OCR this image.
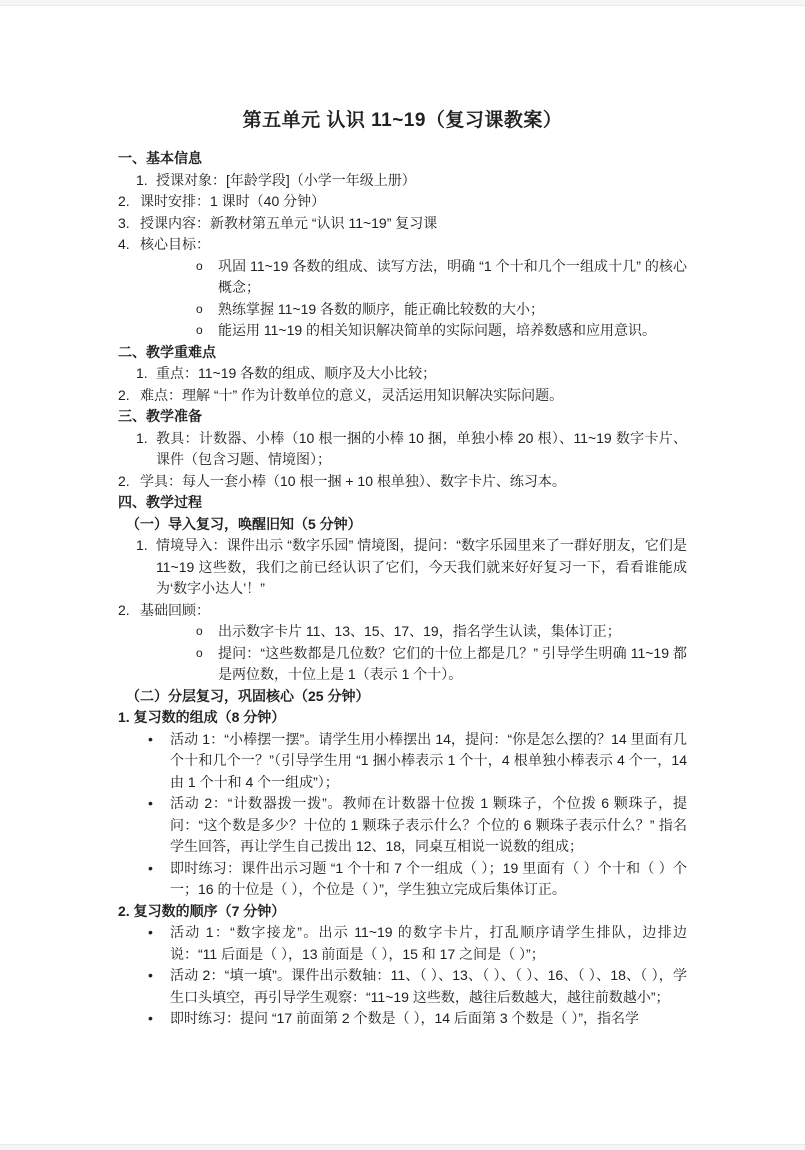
第五单元 认识 11~19（复习课教案）
一、基本信息
1. 授课对象：[年龄学段]（小学一年级上册）
2. 课时安排：1 课时（40 分钟）
3. 授课内容：新教材第五单元 “认识 11~19” 复习课
4. 核心目标：
o 巩固 11~19 各数的组成、读写方法，明确 “1 个十和几个一组成十几” 的核心概念；
o 熟练掌握 11~19 各数的顺序，能正确比较数的大小；
o 能运用 11~19 的相关知识解决简单的实际问题，培养数感和应用意识。
二、教学重难点
1. 重点：11~19 各数的组成、顺序及大小比较；
2. 难点：理解 “十” 作为计数单位的意义，灵活运用知识解决实际问题。
三、教学准备
1. 教具：计数器、小棒（10 根一捆的小棒 10 捆，单独小棒 20 根）、11~19 数字卡片、课件（包含习题、情境图）；
2. 学具：每人一套小棒（10 根一捆 + 10 根单独）、数字卡片、练习本。
四、教学过程
（一）导入复习，唤醒旧知（5 分钟）
1. 情境导入：课件出示 “数字乐园” 情境图，提问：“数字乐园里来了一群好朋友，它们是 11~19 这些数，我们之前已经认识了它们，今天我们就来好好复习一下，看看谁能成为‘数字小达人’！”
2. 基础回顾：
o 出示数字卡片 11、13、15、17、19，指名学生认读，集体订正；
o 提问：“这些数都是几位数？它们的十位上都是几？” 引导学生明确 11~19 都是两位数，十位上是 1（表示 1 个十）。
（二）分层复习，巩固核心（25 分钟）
1. 复习数的组成（8 分钟）
• 活动 1：“小棒摆一摆”。请学生用小棒摆出 14，提问：“你是怎么摆的？14 里面有几个十和几个一？”（引导学生用 “1 捆小棒表示 1 个十，4 根单独小棒表示 4 个一，14 由 1 个十和 4 个一组成”）；
• 活动 2：“计数器拨一拨”。教师在计数器十位拨 1 颗珠子，个位拨 6 颗珠子，提问：“这个数是多少？十位的 1 颗珠子表示什么？个位的 6 颗珠子表示什么？” 指名学生回答，再让学生自己拨出 12、18，同桌互相说一说数的组成；
• 即时练习：课件出示习题 “1 个十和 7 个一组成（ ）；19 里面有（ ）个十和（ ）个一；16 的十位是（ ），个位是（ ）”，学生独立完成后集体订正。
2. 复习数的顺序（7 分钟）
• 活动 1：“数字接龙”。出示 11~19 的数字卡片，打乱顺序请学生排队，边排边说：“11 后面是（ ），13 前面是（ ），15 和 17 之间是（ ）”；
• 活动 2：“填一填”。课件出示数轴：11、（ ）、13、（ ）、（ ）、16、（ ）、18、（ ），学生口头填空，再引导学生观察：“11~19 这些数，越往后数越大，越往前数越小”；
• 即时练习：提问 “17 前面第 2 个数是（ ），14 后面第 3 个数是（ ）”，指名学
